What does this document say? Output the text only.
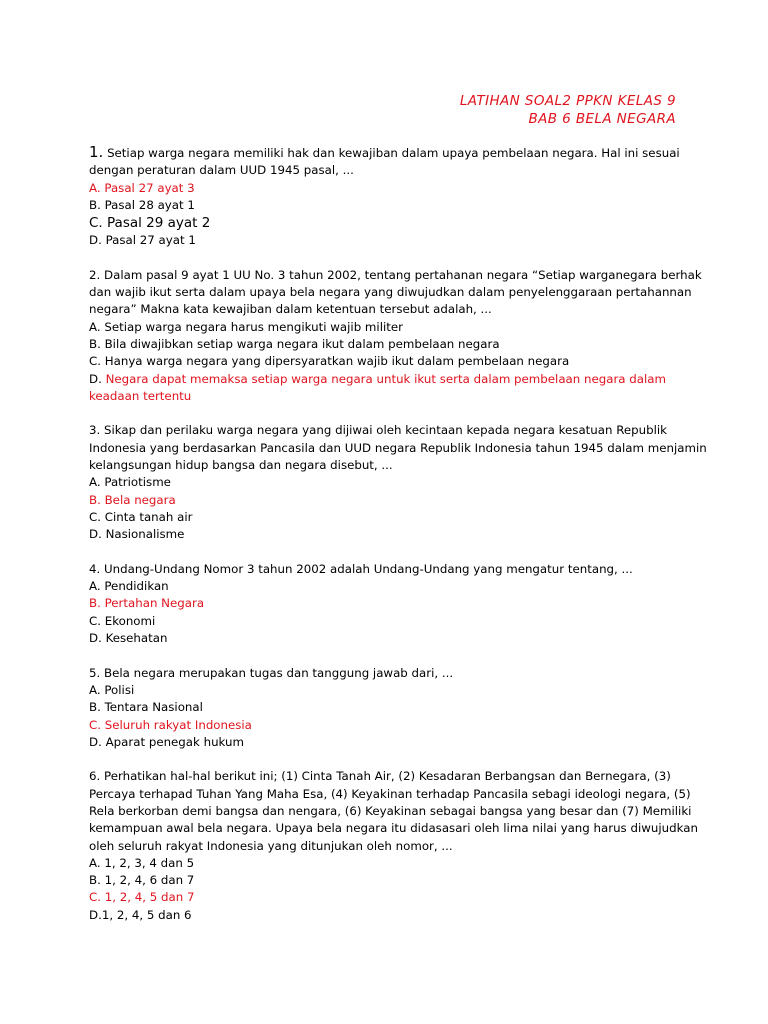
LATIHAN SOAL2 PPKN KELAS 9
BAB 6 BELA NEGARA
1. Setiap warga negara memiliki hak dan kewajiban dalam upaya pembelaan negara. Hal ini sesuai
dengan peraturan dalam UUD 1945 pasal, ...
A. Pasal 27 ayat 3
B. Pasal 28 ayat 1
C. Pasal 29 ayat 2
D. Pasal 27 ayat 1
2. Dalam pasal 9 ayat 1 UU No. 3 tahun 2002, tentang pertahanan negara “Setiap warganegara berhak
dan wajib ikut serta dalam upaya bela negara yang diwujudkan dalam penyelenggaraan pertahannan
negara” Makna kata kewajiban dalam ketentuan tersebut adalah, ...
A. Setiap warga negara harus mengikuti wajib militer
B. Bila diwajibkan setiap warga negara ikut dalam pembelaan negara
C. Hanya warga negara yang dipersyaratkan wajib ikut dalam pembelaan negara
D. Negara dapat memaksa setiap warga negara untuk ikut serta dalam pembelaan negara dalam
keadaan tertentu
3. Sikap dan perilaku warga negara yang dijiwai oleh kecintaan kepada negara kesatuan Republik
Indonesia yang berdasarkan Pancasila dan UUD negara Republik Indonesia tahun 1945 dalam menjamin
kelangsungan hidup bangsa dan negara disebut, ...
A. Patriotisme
B. Bela negara
C. Cinta tanah air
D. Nasionalisme
4. Undang-Undang Nomor 3 tahun 2002 adalah Undang-Undang yang mengatur tentang, ...
A. Pendidikan
B. Pertahan Negara
C. Ekonomi
D. Kesehatan
5. Bela negara merupakan tugas dan tanggung jawab dari, ...
A. Polisi
B. Tentara Nasional
C. Seluruh rakyat Indonesia
D. Aparat penegak hukum
6. Perhatikan hal-hal berikut ini; (1) Cinta Tanah Air, (2) Kesadaran Berbangsan dan Bernegara, (3)
Percaya terhapad Tuhan Yang Maha Esa, (4) Keyakinan terhadap Pancasila sebagi ideologi negara, (5)
Rela berkorban demi bangsa dan nengara, (6) Keyakinan sebagai bangsa yang besar dan (7) Memiliki
kemampuan awal bela negara. Upaya bela negara itu didasasari oleh lima nilai yang harus diwujudkan
oleh seluruh rakyat Indonesia yang ditunjukan oleh nomor, ...
A. 1, 2, 3, 4 dan 5
B. 1, 2, 4, 6 dan 7
C. 1, 2, 4, 5 dan 7
D.1, 2, 4, 5 dan 6
